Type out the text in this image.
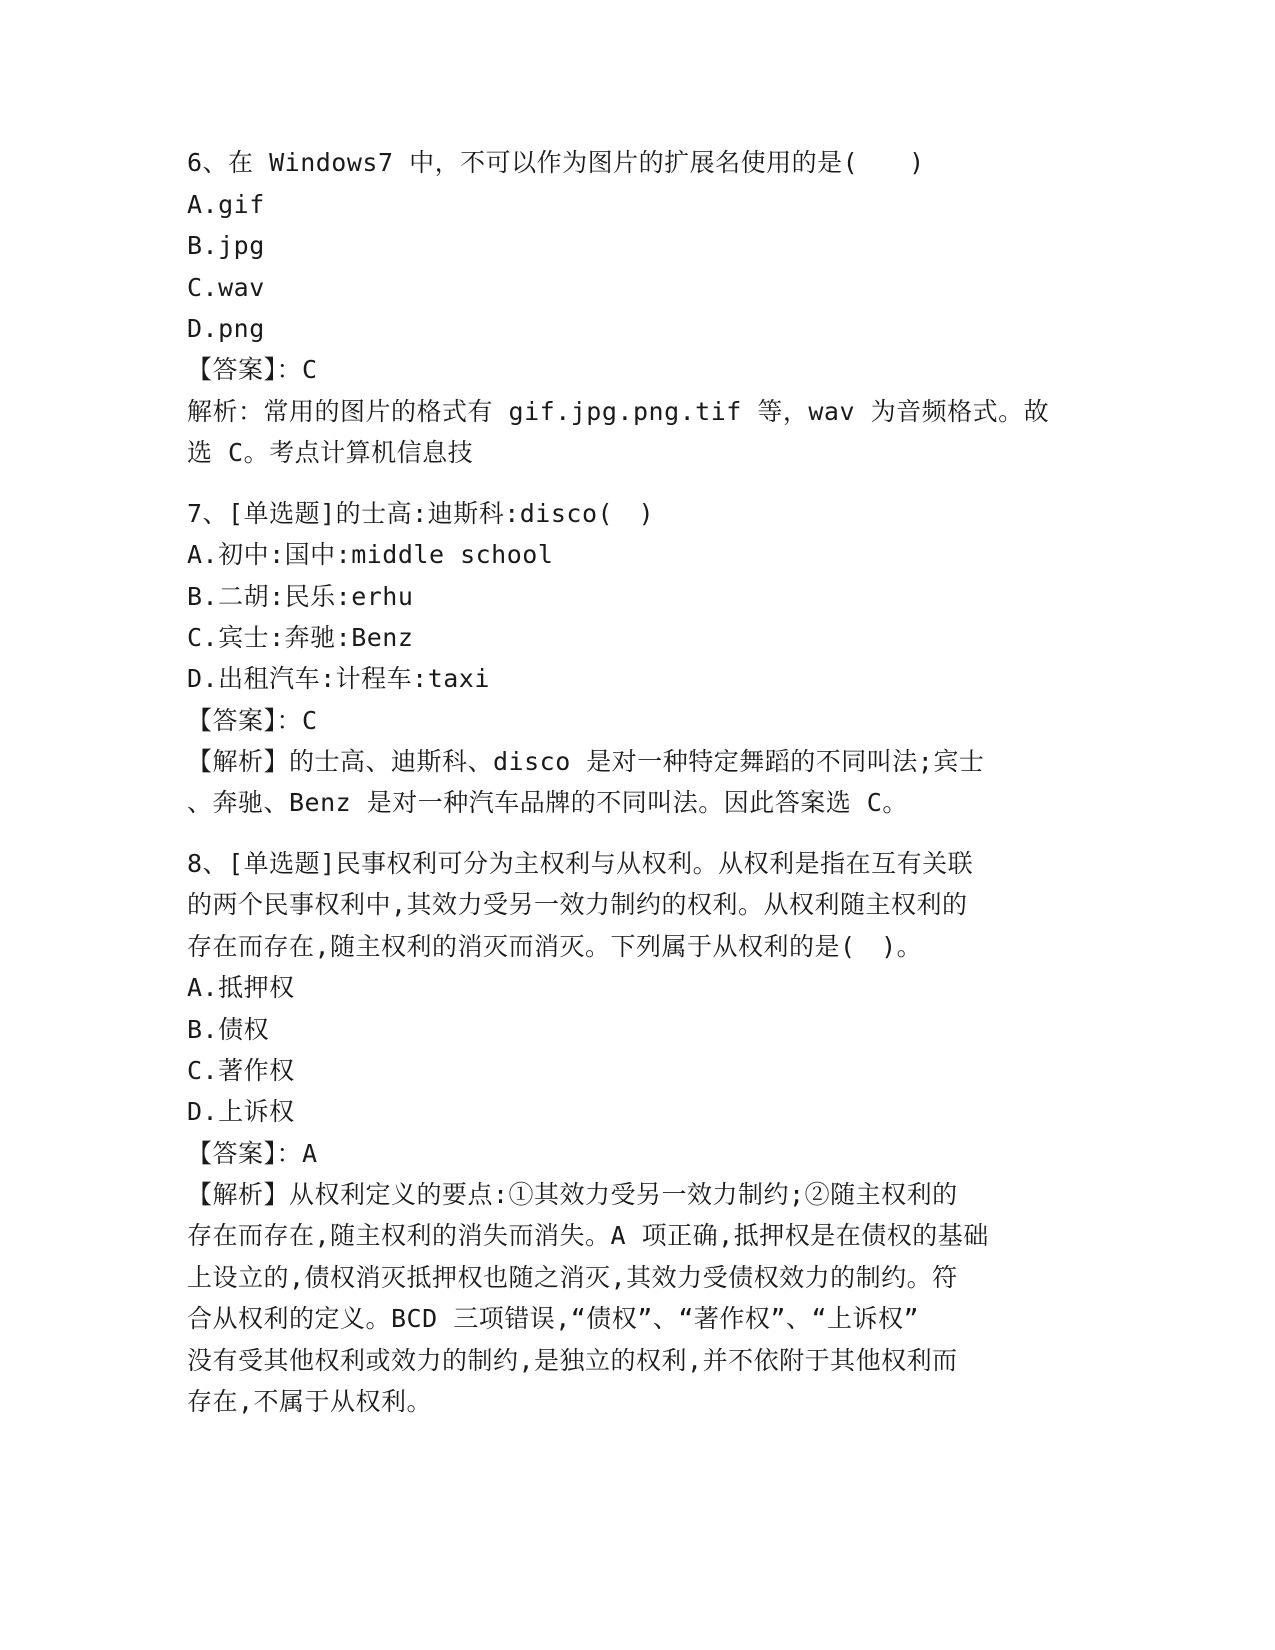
6、在 Windows7 中，不可以作为图片的扩展名使用的是(　　)
A.gif
B.jpg
C.wav
D.png
【答案】：C
解析：常用的图片的格式有 gif.jpg.png.tif 等，wav 为音频格式。故
选 C。考点计算机信息技
7、[单选题]的士高:迪斯科:disco(　)
A.初中:国中:middle school
B.二胡:民乐:erhu
C.宾士:奔驰:Benz
D.出租汽车:计程车:taxi
【答案】：C
【解析】的士高、迪斯科、disco 是对一种特定舞蹈的不同叫法;宾士
、奔驰、Benz 是对一种汽车品牌的不同叫法。因此答案选 C。
8、[单选题]民事权利可分为主权利与从权利。从权利是指在互有关联
的两个民事权利中,其效力受另一效力制约的权利。从权利随主权利的
存在而存在,随主权利的消灭而消灭。下列属于从权利的是(　)。
A.抵押权
B.债权
C.著作权
D.上诉权
【答案】：A
【解析】从权利定义的要点:①其效力受另一效力制约;②随主权利的
存在而存在,随主权利的消失而消失。A 项正确,抵押权是在债权的基础
上设立的,债权消灭抵押权也随之消灭,其效力受债权效力的制约。符
合从权利的定义。BCD 三项错误,“债权”、“著作权”、“上诉权”
没有受其他权利或效力的制约,是独立的权利,并不依附于其他权利而
存在,不属于从权利。
